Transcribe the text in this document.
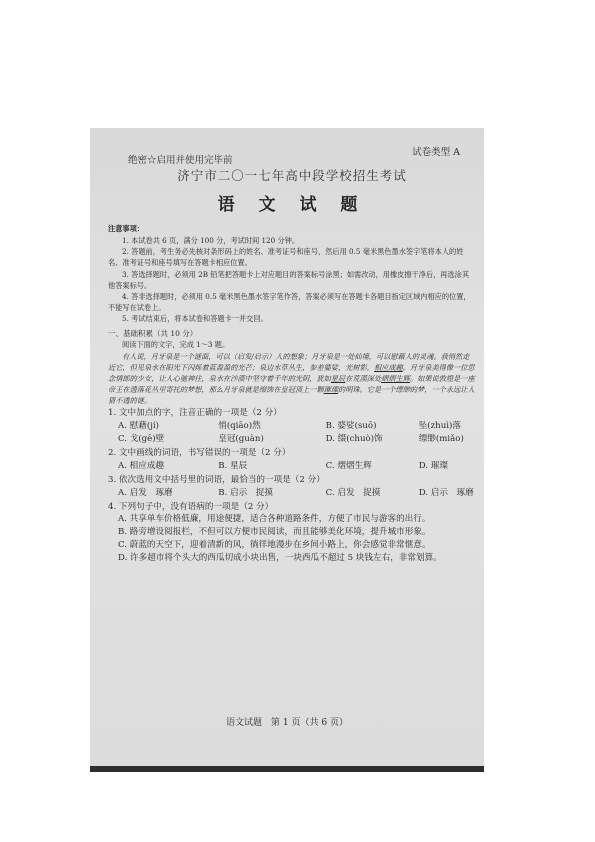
绝密☆启用并使用完毕前
试卷类型 A
济宁市二〇一七年高中段学校招生考试
语 文 试 题
注意事项：

1. 本试卷共 6 页，满分 100 分，考试时间 120 分钟。

2. 答题前，考生务必先核对条形码上的姓名、准考证号和座号，然后用 0.5 毫米黑色墨水签字笔将本人的姓名、准考证号和座号填写在答题卡相应位置。

3. 答选择题时，必须用 2B 铅笔把答题卡上对应题目的答案标号涂黑；如需改动，用橡皮擦干净后，再选涂其他答案标号。

4. 答非选择题时，必须用 0.5 毫米黑色墨水签字笔作答，答案必须写在答题卡各题目指定区域内相应的位置，不能写在试卷上。

5. 考试结束后，将本试卷和答题卡一并交回。

一、基础积累（共 10 分）

阅读下面的文字，完成 1～3 题。

有人说，月牙泉是一个谜面，可以（启发/启示）人的想象；月牙泉是一处仙境，可以慰藉人的灵魂。我悄然走近它，但见泉水在阳光下闪烁着蓝盈盈的光芒；泉边水草丛生，参差婆娑，光树影，相应成趣。月牙泉美得像一位思念情郎的少女，让人心驰神往，泉水在沙漠中坚守着千年的光阴，犹如星辰在荒漠深处熠熠生辉。如果说敦煌是一座帝王在遗落花丛里寄托的梦想，那么月牙泉就是缀饰在皇冠顶上一颗璀璨的明珠。它是一个缥缈的梦，一个永远让人猜不透的谜。

1. 文中加点的字，注音正确的一项是（2 分）

A. 慰藉(jí)	悄(qiāo)然	B. 婆娑(suō)	坠(zhuì)落
C. 戈(gē)壁	皇冠(guàn)	D. 缀(chuò)饰	缥缈(miǎo)

2. 文中画线的词语，书写错误的一项是（2 分）

A. 相应成趣	B. 星辰	C. 熠熠生辉	D. 璀璨

3. 依次选用文中括号里的词语，最恰当的一项是（2 分）

A. 启发　琢磨	B. 启示　捉摸	C. 启发　捉摸	D. 启示　琢磨

4. 下列句子中，没有语病的一项是（2 分）

A. 共享单车价格低廉，用途便捷，适合各种道路条件，方便了市民与游客的出行。

B. 路旁增设阅报栏，不但可以方便市民阅读，而且能够美化环境，提升城市形象。

C. 蔚蓝的天空下，迎着清新的风，徜徉地漫步在乡间小路上，你会感觉非常惬意。

D. 许多超市将个头大的西瓜切成小块出售，一块西瓜不超过 5 块钱左右，非常划算。

语文试题　第 1 页（共 6 页）
